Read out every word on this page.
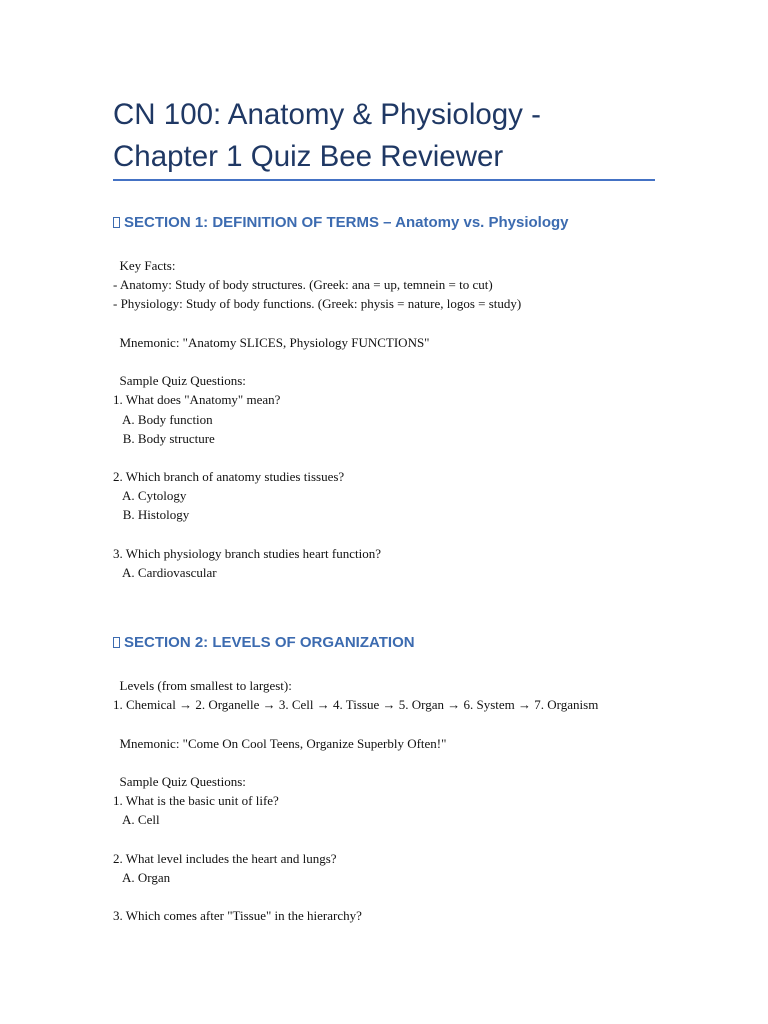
CN 100: Anatomy & Physiology -
Chapter 1 Quiz Bee Reviewer
SECTION 1: DEFINITION OF TERMS – Anatomy vs. Physiology
Key Facts:
- Anatomy: Study of body structures. (Greek: ana = up, temnein = to cut)
- Physiology: Study of body functions. (Greek: physis = nature, logos = study)
Mnemonic: "Anatomy SLICES, Physiology FUNCTIONS"
Sample Quiz Questions:
1. What does "Anatomy" mean?
A. Body function
B. Body structure
2. Which branch of anatomy studies tissues?
A. Cytology
B. Histology
3. Which physiology branch studies heart function?
A. Cardiovascular
SECTION 2: LEVELS OF ORGANIZATION
Levels (from smallest to largest):
1. Chemical → 2. Organelle → 3. Cell → 4. Tissue → 5. Organ → 6. System → 7. Organism
Mnemonic: "Come On Cool Teens, Organize Superbly Often!"
Sample Quiz Questions:
1. What is the basic unit of life?
A. Cell
2. What level includes the heart and lungs?
A. Organ
3. Which comes after "Tissue" in the hierarchy?
